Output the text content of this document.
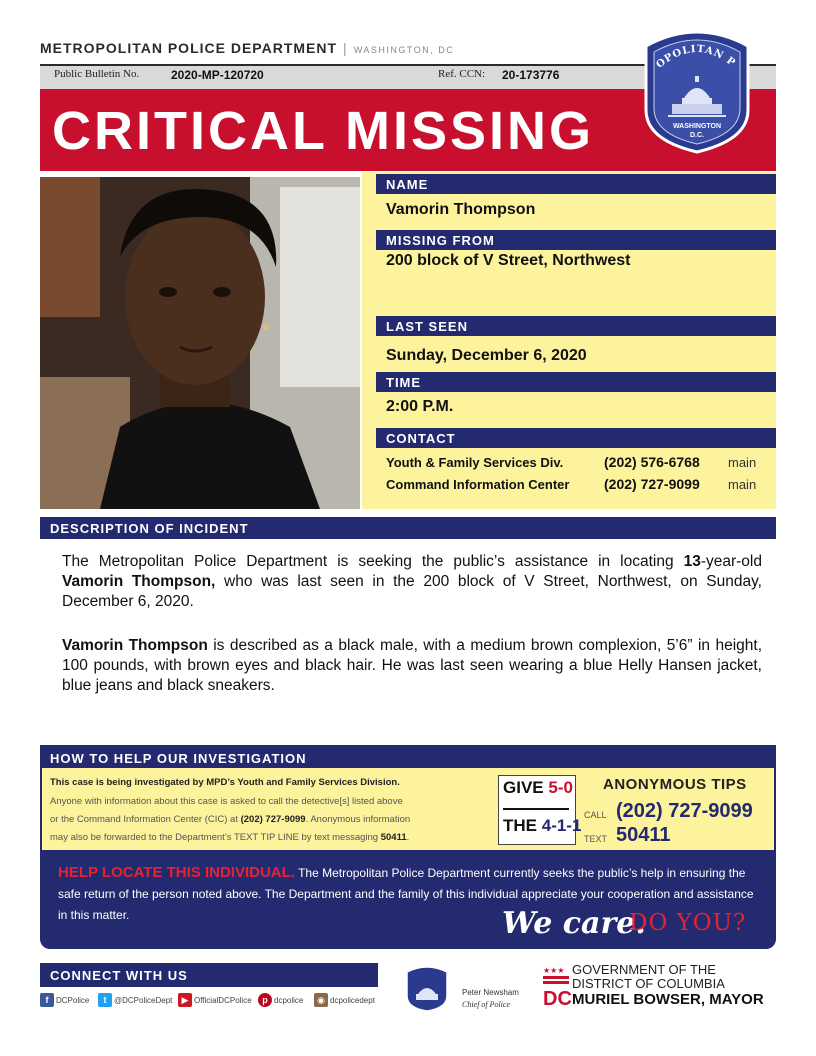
METROPOLITAN POLICE DEPARTMENT | WASHINGTON, DC
Public Bulletin No.	2020-MP-120720	Ref. CCN: 20-173776
CRITICAL MISSING
OPOLITAN P
WASHINGTON
D.C.
NAME
Vamorin Thompson
MISSING FROM
200 block of V Street, Northwest
LAST SEEN
Sunday, December 6, 2020
TIME
2:00 P.M.
CONTACT
Youth & Family Services Div.	(202) 576-6768 main
Command Information Center (202) 727-9099 main
DESCRIPTION OF INCIDENT
The Metropolitan Police Department is seeking the public’s assistance in locating 13-year-old Vamorin Thompson, who was last seen in the 200 block of V Street, Northwest, on Sunday, December 6, 2020.
Vamorin Thompson is described as a black male, with a medium brown complexion, 5’6” in height, 100 pounds, with brown eyes and black hair. He was last seen wearing a blue Helly Hansen jacket, blue jeans and black sneakers.
HOW TO HELP OUR INVESTIGATION
This case is being investigated by MPD’s Youth and Family Services Division.
Anyone with information about this case is asked to call the detective[s] listed above
or the Command Information Center (CIC) at (202) 727-9099. Anonymous information
may also be forwarded to the Department’s TEXT TIP LINE by text messaging 50411.
GIVE 5-0
THE 4-1-1
ANONYMOUS TIPS
CALL (202) 727-9099
TEXT 50411
HELP LOCATE THIS INDIVIDUAL. The Metropolitan Police Department currently seeks the public’s help in ensuring the safe return of the person noted above. The Department and the family of this individual appreciate your cooperation and assistance in this matter.	We care.
DO YOU?
CONNECT WITH US
f DCPolice	t @DCPoliceDept	▶ OfficialDCPolice	p dcpolice	◉ dcpolicedept
Peter Newsham
Chief of Police
★★★
DC
GOVERNMENT OF THE
DISTRICT OF COLUMBIA
MURIEL BOWSER, MAYOR
